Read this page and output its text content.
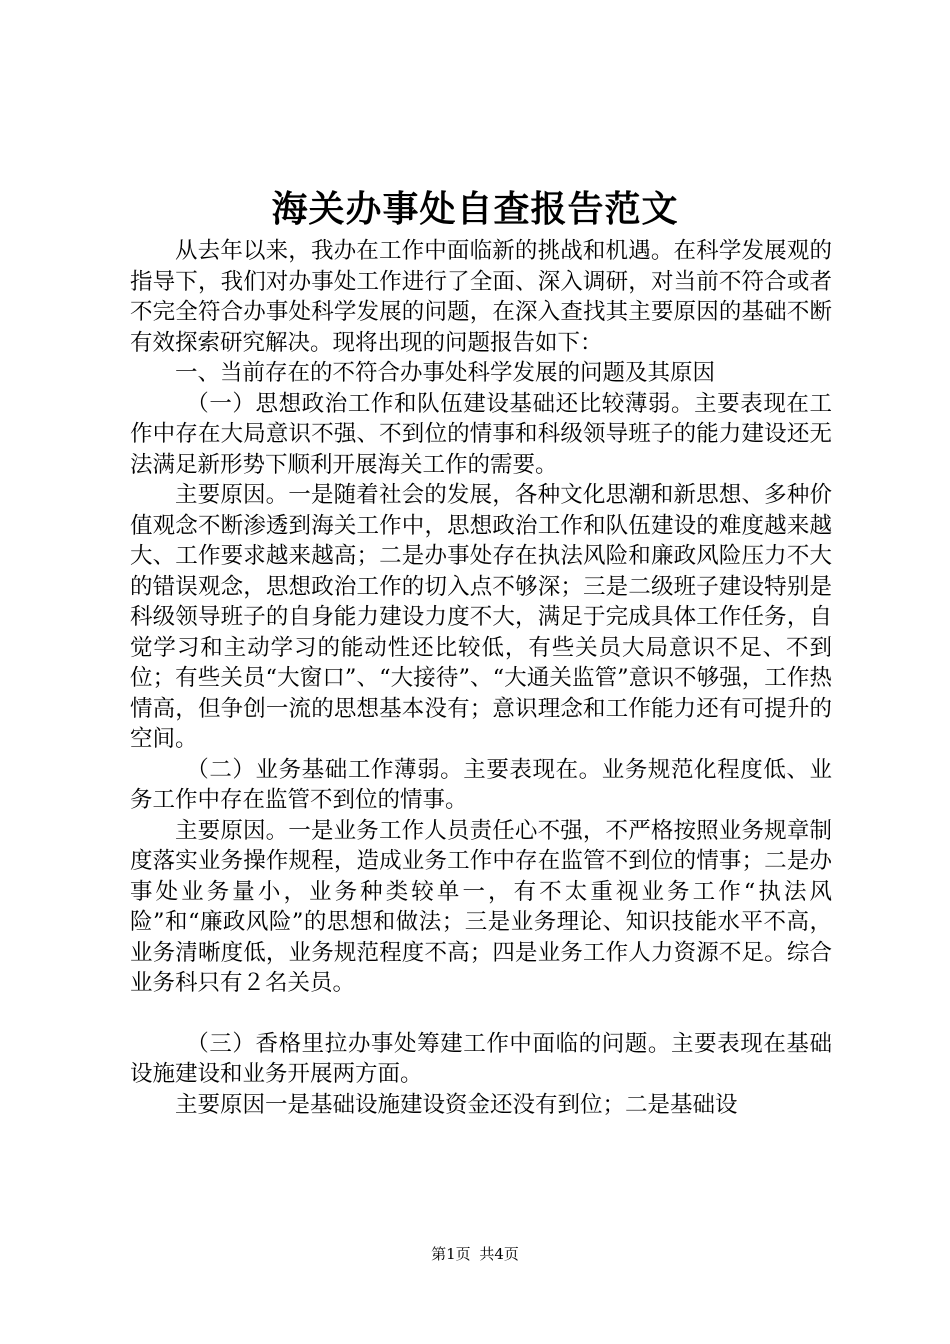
海关办事处自查报告范文

从去年以来，我办在工作中面临新的挑战和机遇。在科学发展观的指导下，我们对办事处工作进行了全面、深入调研，对当前不符合或者不完全符合办事处科学发展的问题，在深入查找其主要原因的基础不断有效探索研究解决。现将出现的问题报告如下：

一、当前存在的不符合办事处科学发展的问题及其原因

（一）思想政治工作和队伍建设基础还比较薄弱。主要表现在工作中存在大局意识不强、不到位的情事和科级领导班子的能力建设还无法满足新形势下顺利开展海关工作的需要。

主要原因。一是随着社会的发展，各种文化思潮和新思想、多种价值观念不断渗透到海关工作中，思想政治工作和队伍建设的难度越来越大、工作要求越来越高；二是办事处存在执法风险和廉政风险压力不大的错误观念，思想政治工作的切入点不够深；三是二级班子建设特别是科级领导班子的自身能力建设力度不大，满足于完成具体工作任务，自觉学习和主动学习的能动性还比较低，有些关员大局意识不足、不到位；有些关员“大窗口”、“大接待”、“大通关监管”意识不够强，工作热情高，但争创一流的思想基本没有；意识理念和工作能力还有可提升的空间。

（二）业务基础工作薄弱。主要表现在。业务规范化程度低、业务工作中存在监管不到位的情事。

主要原因。一是业务工作人员责任心不强，不严格按照业务规章制度落实业务操作规程，造成业务工作中存在监管不到位的情事；二是办事处业务量小，业务种类较单一，有不太重视业务工作“执法风险”和“廉政风险”的思想和做法；三是业务理论、知识技能水平不高，业务清晰度低，业务规范程度不高；四是业务工作人力资源不足。综合业务科只有２名关员。

（三）香格里拉办事处筹建工作中面临的问题。主要表现在基础设施建设和业务开展两方面。

主要原因一是基础设施建设资金还没有到位；二是基础设

第1页 共4页
